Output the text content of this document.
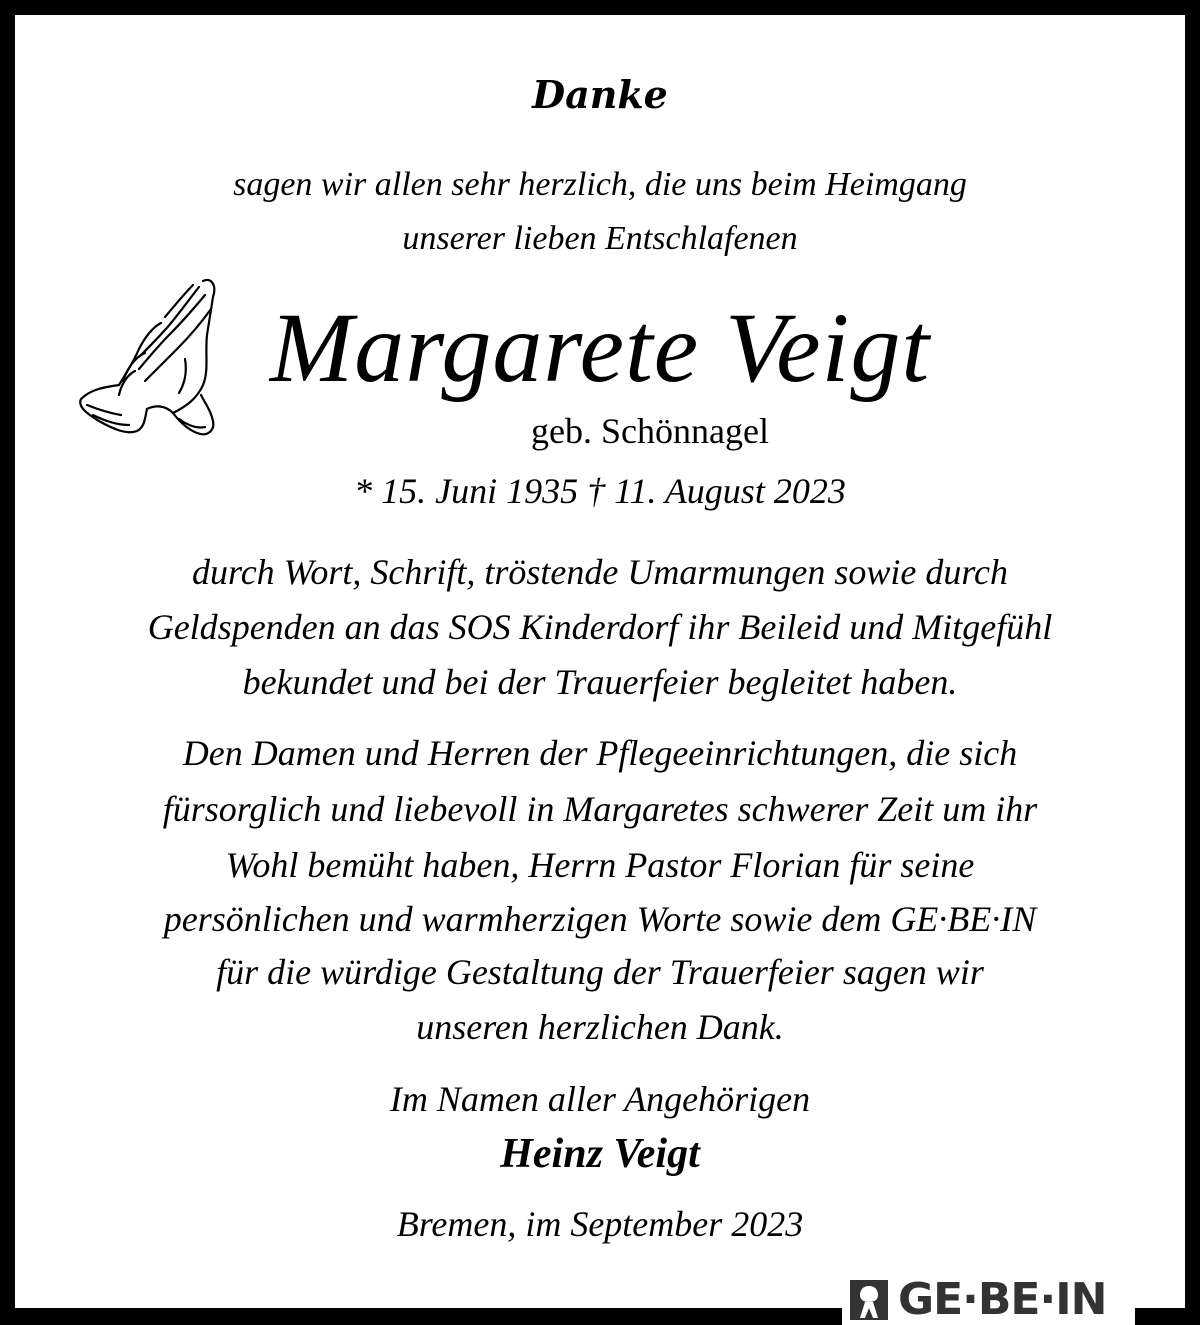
Danke
sagen wir allen sehr herzlich, die uns beim Heimgang
unserer lieben Entschlafenen
Margarete Veigt
geb. Schönnagel
* 15. Juni 1935 † 11. August 2023
durch Wort, Schrift, tröstende Umarmungen sowie durch
Geldspenden an das SOS Kinderdorf ihr Beileid und Mitgefühl
bekundet und bei der Trauerfeier begleitet haben.
Den Damen und Herren der Pflegeeinrichtungen, die sich
fürsorglich und liebevoll in Margaretes schwerer Zeit um ihr
Wohl bemüht haben, Herrn Pastor Florian für seine
persönlichen und warmherzigen Worte sowie dem GE·BE·IN
für die würdige Gestaltung der Trauerfeier sagen wir
unseren herzlichen Dank.
Im Namen aller Angehörigen
Heinz Veigt
Bremen, im September 2023
GE·BE·IN
